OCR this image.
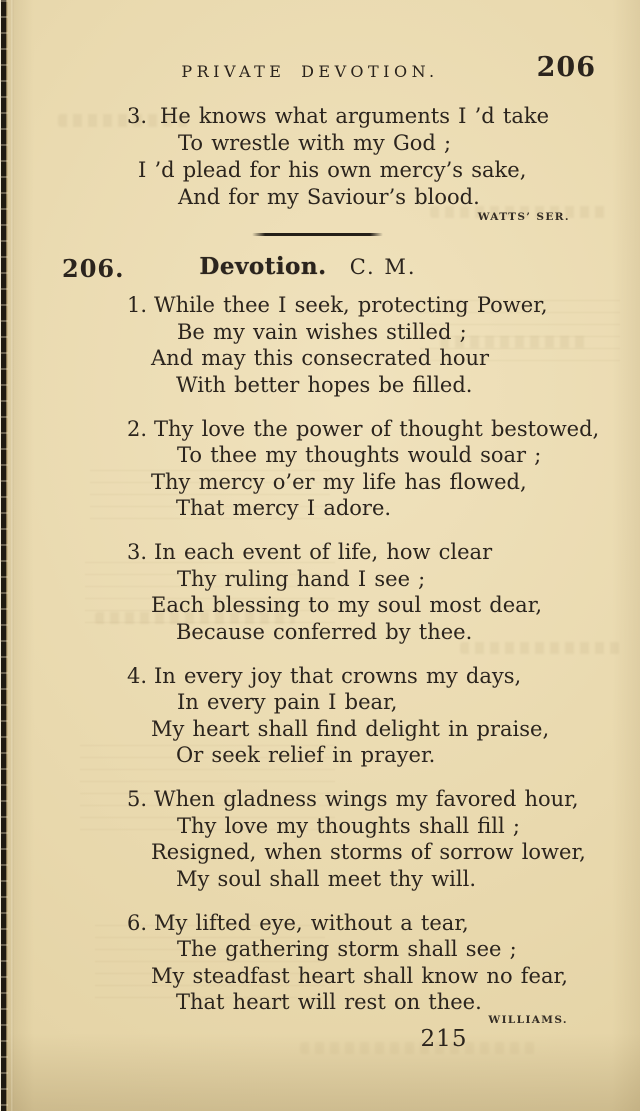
PRIVATE DEVOTION.	206
3. He knows what arguments I ’d take
To wrestle with my God ;
I ’d plead for his own mercy’s sake,
And for my Saviour’s blood.
WATTS’ SER.
206.	Devotion. C. M.
1. While thee I seek, protecting Power,
Be my vain wishes stilled ;
And may this consecrated hour
With better hopes be filled.
2. Thy love the power of thought bestowed,
To thee my thoughts would soar ;
Thy mercy o’er my life has flowed,
That mercy I adore.
3. In each event of life, how clear
Thy ruling hand I see ;
Each blessing to my soul most dear,
Because conferred by thee.
4. In every joy that crowns my days,
In every pain I bear,
My heart shall find delight in praise,
Or seek relief in prayer.
5. When gladness wings my favored hour,
Thy love my thoughts shall fill ;
Resigned, when storms of sorrow lower,
My soul shall meet thy will.
6. My lifted eye, without a tear,
The gathering storm shall see ;
My steadfast heart shall know no fear,
That heart will rest on thee.
WILLIAMS.
215
